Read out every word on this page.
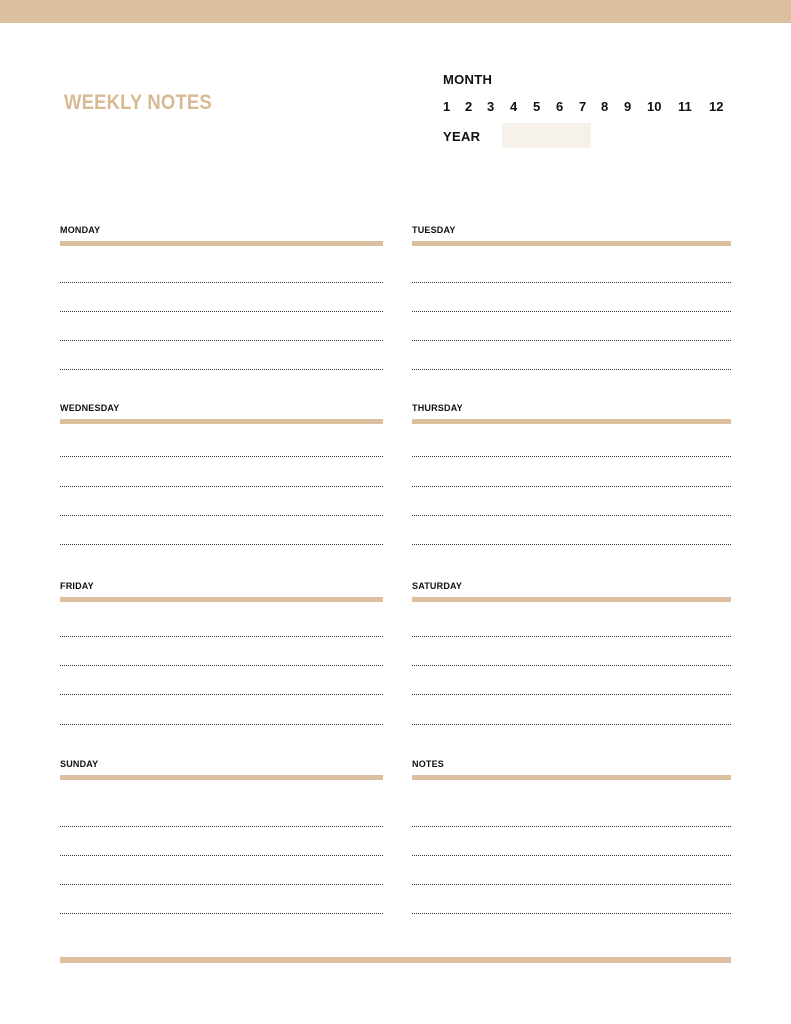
WEEKLY NOTES
MONTH
1 2 3 4 5 6 7 8 9 10 11 12
YEAR
MONDAY	TUESDAY
WEDNESDAY	THURSDAY
FRIDAY	SATURDAY
SUNDAY	NOTES
